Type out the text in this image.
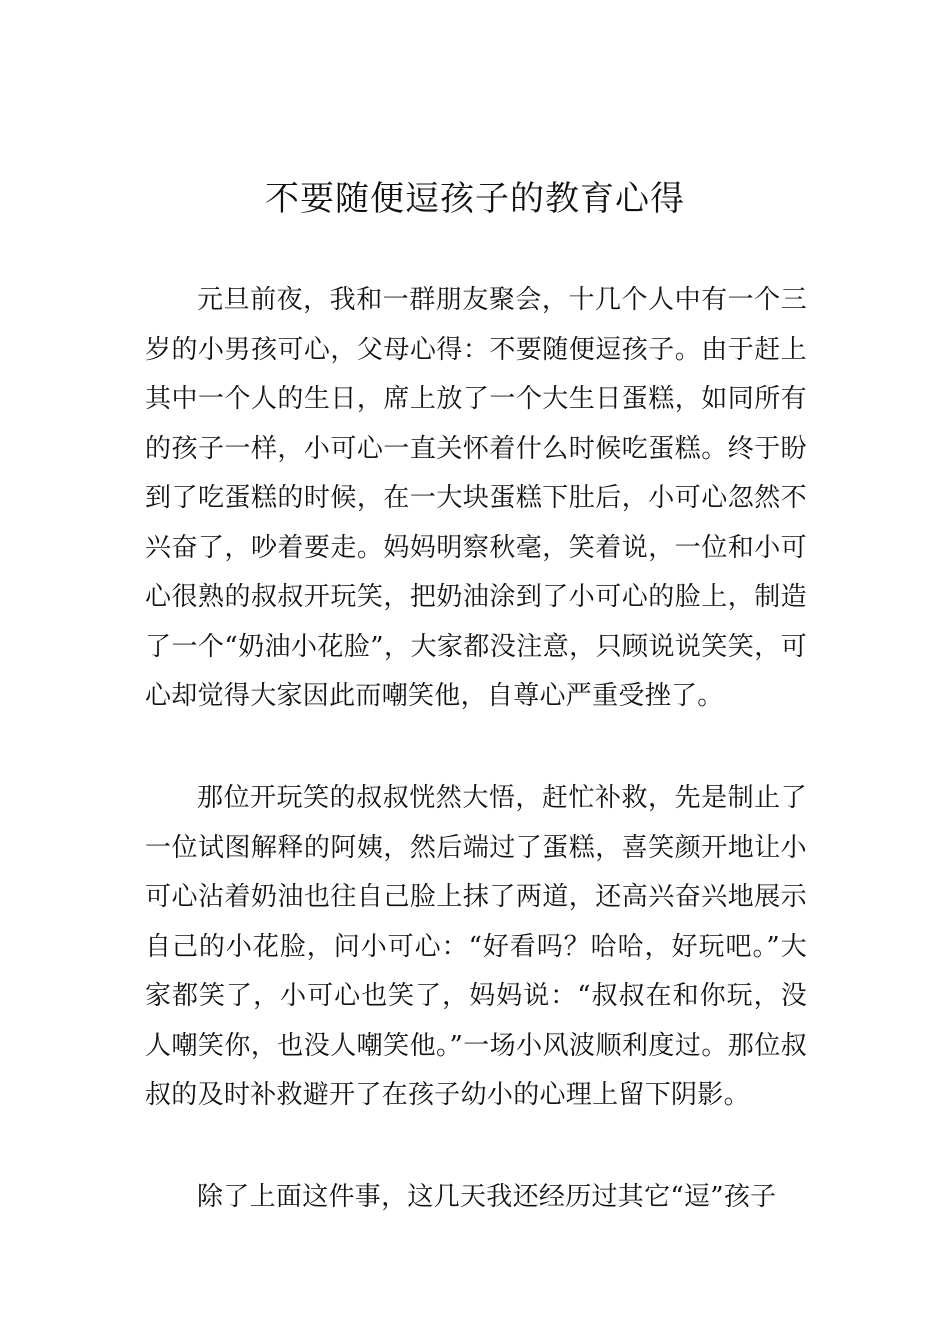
不要随便逗孩子的教育心得

元旦前夜，我和一群朋友聚会，十几个人中有一个三岁的小男孩可心，父母心得：不要随便逗孩子。由于赶上其中一个人的生日，席上放了一个大生日蛋糕，如同所有的孩子一样，小可心一直关怀着什么时候吃蛋糕。终于盼到了吃蛋糕的时候，在一大块蛋糕下肚后，小可心忽然不兴奋了，吵着要走。妈妈明察秋毫，笑着说，一位和小可心很熟的叔叔开玩笑，把奶油涂到了小可心的脸上，制造了一个“奶油小花脸”，大家都没注意，只顾说说笑笑，可心却觉得大家因此而嘲笑他，自尊心严重受挫了。

那位开玩笑的叔叔恍然大悟，赶忙补救，先是制止了一位试图解释的阿姨，然后端过了蛋糕，喜笑颜开地让小可心沾着奶油也往自己脸上抹了两道，还高兴奋兴地展示自己的小花脸，问小可心：“好看吗？哈哈，好玩吧。”大家都笑了，小可心也笑了，妈妈说：“叔叔在和你玩，没人嘲笑你，也没人嘲笑他。”一场小风波顺利度过。那位叔叔的及时补救避开了在孩子幼小的心理上留下阴影。

除了上面这件事，这几天我还经历过其它“逗”孩子
